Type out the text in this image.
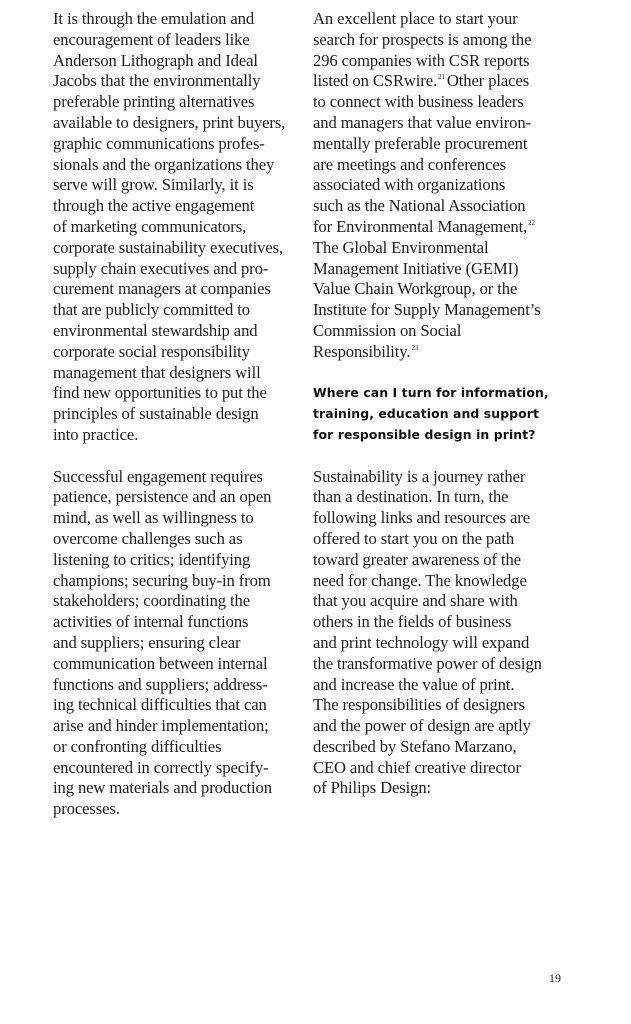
It is through the emulation and
encouragement of leaders like
Anderson Lithograph and Ideal
Jacobs that the environmentally
preferable printing alternatives
available to designers, print buyers,
graphic communications profes-
sionals and the organizations they
serve will grow. Similarly, it is
through the active engagement
of marketing communicators,
corporate sustainability executives,
supply chain executives and pro-
curement managers at companies
that are publicly committed to
environmental stewardship and
corporate social responsibility
management that designers will
find new opportunities to put the
principles of sustainable design
into practice.

Successful engagement requires
patience, persistence and an open
mind, as well as willingness to
overcome challenges such as
listening to critics; identifying
champions; securing buy-in from
stakeholders; coordinating the
activities of internal functions
and suppliers; ensuring clear
communication between internal
functions and suppliers; address-
ing technical difficulties that can
arise and hinder implementation;
or confronting difficulties
encountered in correctly specify-
ing new materials and production
processes.

An excellent place to start your
search for prospects is among the
296 companies with CSR reports
listed on CSRwire.$^{21}$ Other places
to connect with business leaders
and managers that value environ-
mentally preferable procurement
are meetings and conferences
associated with organizations
such as the National Association
for Environmental Management,$^{22}$
The Global Environmental
Management Initiative (GEMI)
Value Chain Workgroup, or the
Institute for Supply Management’s
Commission on Social
Responsibility.$^{23}$

Where can I turn for information,
training, education and support
for responsible design in print?

Sustainability is a journey rather
than a destination. In turn, the
following links and resources are
offered to start you on the path
toward greater awareness of the
need for change. The knowledge
that you acquire and share with
others in the fields of business
and print technology will expand
the transformative power of design
and increase the value of print.
The responsibilities of designers
and the power of design are aptly
described by Stefano Marzano,
CEO and chief creative director
of Philips Design:

19
